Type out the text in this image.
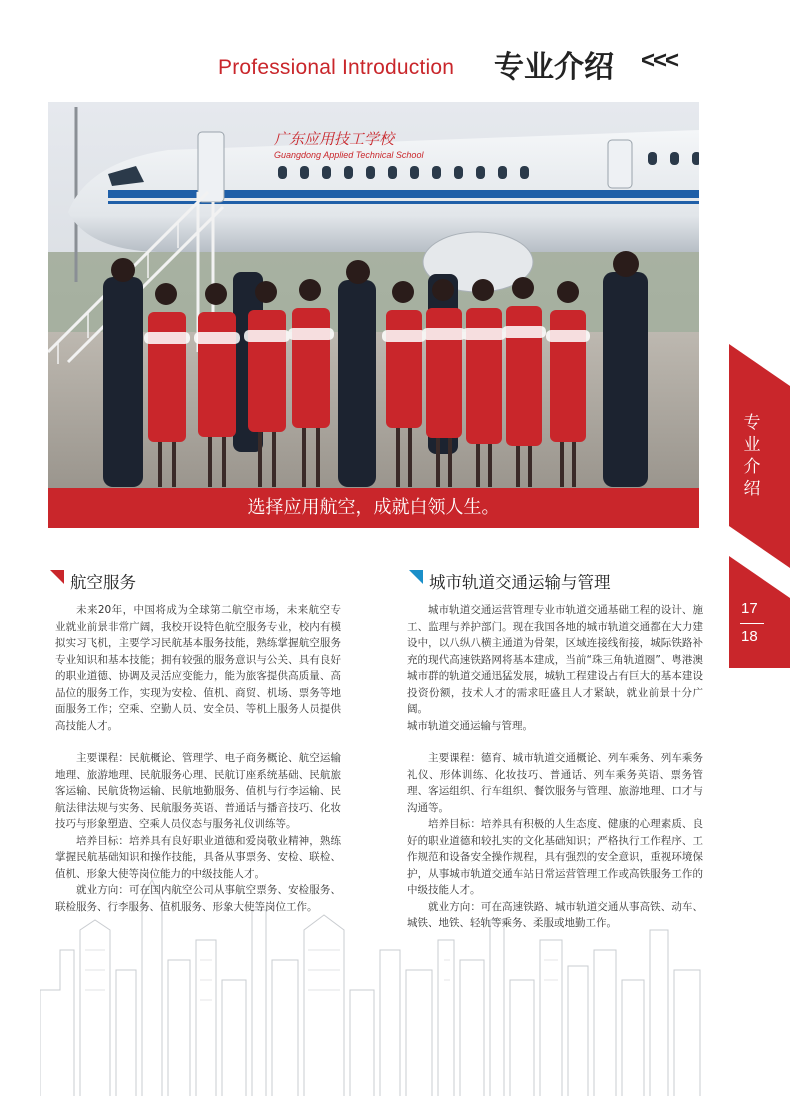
Professional Introduction 专业介绍 <<<
广东应用技工学校
Guangdong Applied Technical School
选择应用航空，成就白领人生。
专业介绍
17
18
航空服务

未来20年，中国将成为全球第二航空市场，未来航空专业就业前景非常广阔，我校开设特色航空服务专业，校内有模拟实习飞机，主要学习民航基本服务技能，熟练掌握航空服务专业知识和基本技能；拥有较强的服务意识与公关、具有良好的职业道德、协调及灵活应变能力，能为旅客提供高质量、高品位的服务工作，实现为安检、值机、商贸、机场、票务等地面服务工作；空乘、空勤人员、安全员、等机上服务人员提供高技能人才。

主要课程：民航概论、管理学、电子商务概论、航空运输地理、旅游地理、民航服务心理、民航订座系统基础、民航旅客运输、民航货物运输、民航地勤服务、值机与行李运输、民航法律法规与实务、民航服务英语、普通话与播音技巧、化妆技巧与形象塑造、空乘人员仪态与服务礼仪训练等。

培养目标：培养具有良好职业道德和爱岗敬业精神，熟练掌握民航基础知识和操作技能，具备从事票务、安检、联检、值机、形象大使等岗位能力的中级技能人才。

就业方向：可在国内航空公司从事航空票务、安检服务、联检服务、行李服务、值机服务、形象大使等岗位工作。

城市轨道交通运输与管理

城市轨道交通运营管理专业市轨道交通基础工程的设计、施工、监理与养护部门。现在我国各地的城市轨道交通都在大力建设中，以八纵八横主通道为骨架，区域连接线衔接，城际铁路补充的现代高速铁路网将基本建成，当前“珠三角轨道圈”、粤港澳城市群的轨道交通迅猛发展，城轨工程建设占有巨大的基本建设投资份额，技术人才的需求旺盛且人才紧缺，就业前景十分广阔。

城市轨道交通运输与管理。

主要课程：德育、城市轨道交通概论、列车乘务、列车乘务礼仪、形体训练、化妆技巧、普通话、列车乘务英语、票务管理、客运组织、行车组织、餐饮服务与管理、旅游地理、口才与沟通等。

培养目标：培养具有积极的人生态度、健康的心理素质、良好的职业道德和较扎实的文化基础知识；严格执行工作程序、工作规范和设备安全操作规程，具有强烈的安全意识，重视环境保护，从事城市轨道交通车站日常运营管理工作或高铁服务工作的中级技能人才。

就业方向：可在高速铁路、城市轨道交通从事高铁、动车、城铁、地铁、轻轨等乘务、柔服或地勤工作。
